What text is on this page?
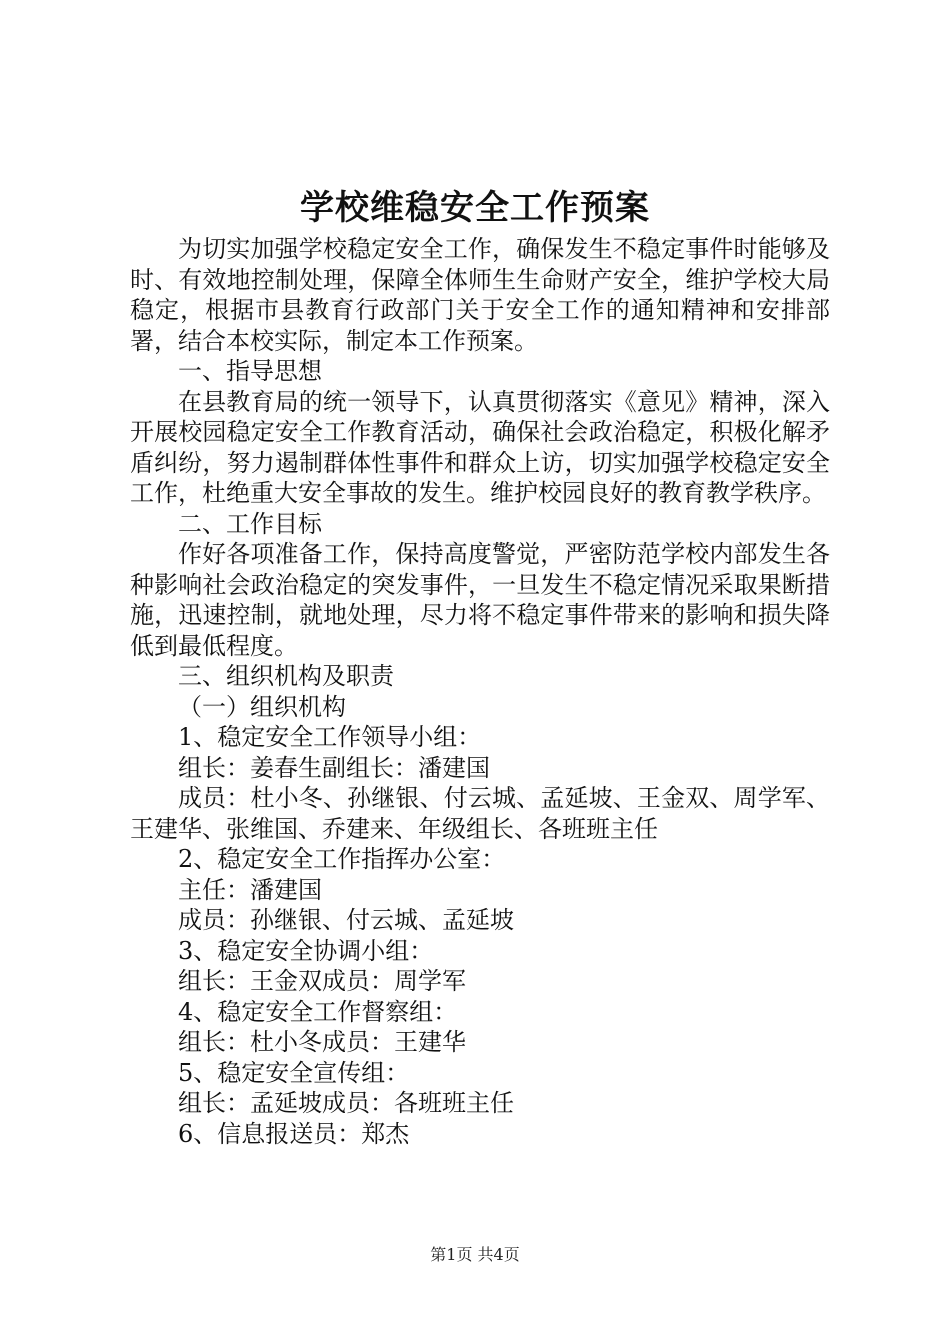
学校维稳安全工作预案

为切实加强学校稳定安全工作，确保发生不稳定事件时能够及时、有效地控制处理，保障全体师生生命财产安全，维护学校大局稳定，根据市县教育行政部门关于安全工作的通知精神和安排部署，结合本校实际，制定本工作预案。

一、指导思想

在县教育局的统一领导下，认真贯彻落实《意见》精神，深入开展校园稳定安全工作教育活动，确保社会政治稳定，积极化解矛盾纠纷，努力遏制群体性事件和群众上访，切实加强学校稳定安全工作，杜绝重大安全事故的发生。维护校园良好的教育教学秩序。

二、工作目标

作好各项准备工作，保持高度警觉，严密防范学校内部发生各种影响社会政治稳定的突发事件，一旦发生不稳定情况采取果断措施，迅速控制，就地处理，尽力将不稳定事件带来的影响和损失降低到最低程度。

三、组织机构及职责

（一）组织机构

1、稳定安全工作领导小组：

组长：姜春生副组长：潘建国

成员：杜小冬、孙继银、付云城、孟延坡、王金双、周学军、王建华、张维国、乔建来、年级组长、各班班主任

2、稳定安全工作指挥办公室：

主任：潘建国

成员：孙继银、付云城、孟延坡

3、稳定安全协调小组：

组长：王金双成员：周学军

4、稳定安全工作督察组：

组长：杜小冬成员：王建华

5、稳定安全宣传组：

组长：孟延坡成员：各班班主任

6、信息报送员：郑杰

第1页 共4页
